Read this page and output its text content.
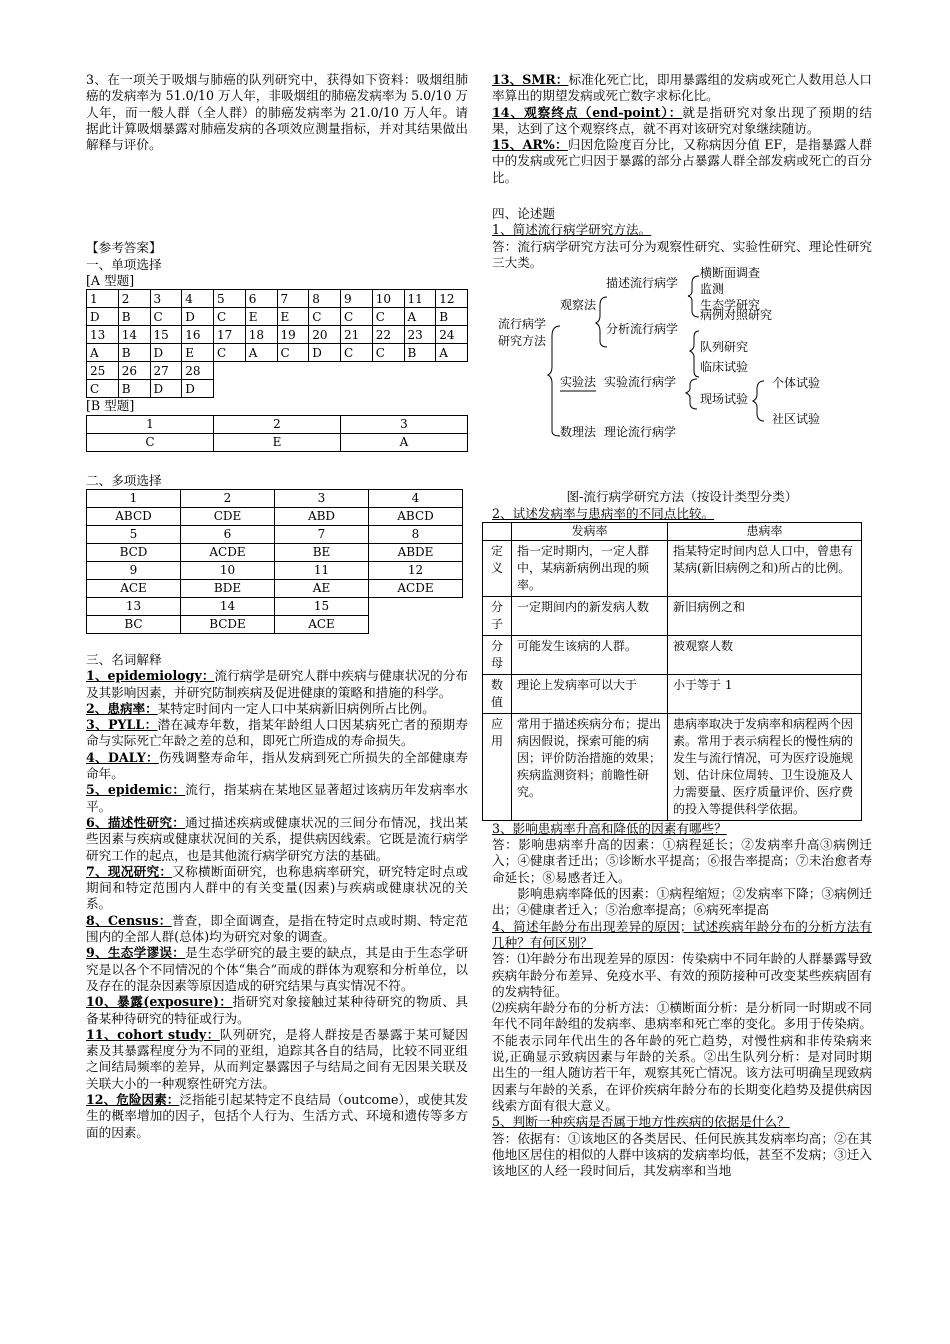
3、在一项关于吸烟与肺癌的队列研究中，获得如下资料：吸烟组肺癌的发病率为 51.0/10 万人年，非吸烟组的肺癌发病率为 5.0/10 万人年，而一般人群（全人群）的肺癌发病率为 21.0/10 万人年。请据此计算吸烟暴露对肺癌发病的各项效应测量指标，并对其结果做出解释与评价。

【参考答案】

一、单项选择

[A 型题]

1	2	3	4	5	6	7	8	9	10	11	12
D	B	C	D	C	E	E	C	C	C	A	B
13	14	15	16	17	18	19	20	21	22	23	24
A	B	D	E	C	A	C	D	C	C	B	A
25	26	27	28								
C	B	D	D								

[B 型题]

1	2	3
C	E	A

二、多项选择

1	2	3	4
ABCD	CDE	ABD	ABCD
5	6	7	8
BCD	ACDE	BE	ABDE
9	10	11	12
ACE	BDE	AE	ACDE
13	14	15	
BC	BCDE	ACE	

三、名词解释

1、epidemiology：流行病学是研究人群中疾病与健康状况的分布及其影响因素，并研究防制疾病及促进健康的策略和措施的科学。

2、患病率：某特定时间内一定人口中某病新旧病例所占比例。

3、PYLL：潜在减寿年数，指某年龄组人口因某病死亡者的预期寿命与实际死亡年龄之差的总和，即死亡所造成的寿命损失。

4、DALY：伤残调整寿命年，指从发病到死亡所损失的全部健康寿命年。

5、epidemic：流行，指某病在某地区显著超过该病历年发病率水平。

6、描述性研究：通过描述疾病或健康状况的三间分布情况，找出某些因素与疾病或健康状况间的关系，提供病因线索。它既是流行病学研究工作的起点，也是其他流行病学研究方法的基础。

7、现况研究：又称横断面研究，也称患病率研究，研究特定时点或期间和特定范围内人群中的有关变量(因素)与疾病或健康状况的关系。

8、Census：普查，即全面调查，是指在特定时点或时期、特定范围内的全部人群(总体)均为研究对象的调查。

9、生态学谬误：是生态学研究的最主要的缺点，其是由于生态学研究是以各个不同情况的个体“集合”而成的群体为观察和分析单位，以及存在的混杂因素等原因造成的研究结果与真实情况不符。

10、暴露(exposure)：指研究对象接触过某种待研究的物质、具备某种待研究的特征或行为。

11、cohort study：队列研究，是将人群按是否暴露于某可疑因素及其暴露程度分为不同的亚组，追踪其各自的结局，比较不同亚组之间结局频率的差异，从而判定暴露因子与结局之间有无因果关联及关联大小的一种观察性研究方法。

12、危险因素：泛指能引起某特定不良结局（outcome），或使其发生的概率增加的因子，包括个人行为、生活方式、环境和遗传等多方面的因素。

13、SMR：标准化死亡比，即用暴露组的发病或死亡人数用总人口率算出的期望发病或死亡数字求标化比。

14、观察终点（end-point）：就是指研究对象出现了预期的结果，达到了这个观察终点，就不再对该研究对象继续随访。

15、AR%：归因危险度百分比，又称病因分值 EF，是指暴露人群中的发病或死亡归因于暴露的部分占暴露人群全部发病或死亡的百分比。

四、论述题

1、简述流行病学研究方法。

答：流行病学研究方法可分为观察性研究、实验性研究、理论性研究三大类。

流行病学
研究方法
观察法
描述流行病学
横断面调查
监测
生态学研究
分析流行病学
病例对照研究
队列研究
实验法 实验流行病学
临床试验
现场试验
个体试验
社区试验
数理法 理论流行病学

图-流行病学研究方法（按设计类型分类）

2、试述发病率与患病率的不同点比较。

	发病率	患病率
定义	指一定时期内，一定人群中，某病新病例出现的频率。	指某特定时间内总人口中，曾患有某病(新旧病例之和)所占的比例。
分子	一定期间内的新发病人数	新旧病例之和
分母	可能发生该病的人群。	被观察人数
数值	理论上发病率可以大于	小于等于 1
应用	常用于描述疾病分布；提出病因假说，探索可能的病因；评价防治措施的效果；疾病监测资料；前瞻性研究。	患病率取决于发病率和病程两个因素。常用于表示病程长的慢性病的发生与流行情况，可为医疗设施规划、估计床位周转、卫生设施及人力需要量、医疗质量评价、医疗费的投入等提供科学依据。

3、影响患病率升高和降低的因素有哪些？

答：影响患病率升高的因素：①病程延长；②发病率升高③病例迁入；④健康者迁出；⑤诊断水平提高；⑥报告率提高；⑦未治愈者寿命延长；⑧易感者迁入。

影响患病率降低的因素：①病程缩短；②发病率下降；③病例迁出；④健康者迁入；⑤治愈率提高；⑥病死率提高

4、简述年龄分布出现差异的原因；试述疾病年龄分布的分析方法有几种？有何区别？

答：⑴年龄分布出现差异的原因：传染病中不同年龄的人群暴露导致疾病年龄分布差异、免疫水平、有效的预防接种可改变某些疾病固有的发病特征。

⑵疾病年龄分布的分析方法：①横断面分析：是分析同一时期或不同年代不同年龄组的发病率、患病率和死亡率的变化。多用于传染病。不能表示同年代出生的各年龄的死亡趋势，对慢性病和非传染病来说,正确显示致病因素与年龄的关系。②出生队列分析：是对同时期出生的一组人随访若干年，观察其死亡情况。该方法可明确呈现致病因素与年龄的关系，在评价疾病年龄分布的长期变化趋势及提供病因线索方面有很大意义。

5、判断一种疾病是否属于地方性疾病的依据是什么？

答：依据有：①该地区的各类居民、任何民族其发病率均高；②在其他地区居住的相似的人群中该病的发病率均低，甚至不发病；③迁入该地区的人经一段时间后，其发病率和当地
